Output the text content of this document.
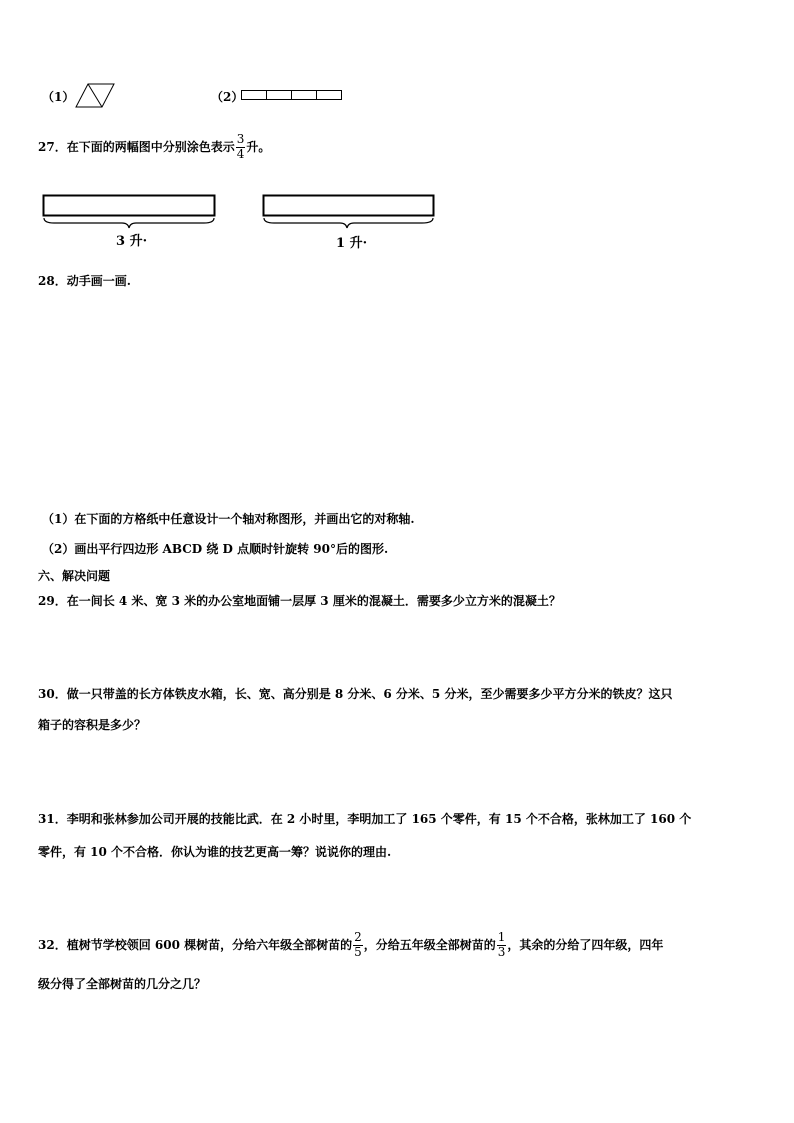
（1）	（2）
27．在下面的两幅图中分别涂色表示 $\frac{3}{4}$ 升。
3 升·	1 升·
28．动手画一画.
（1）在下面的方格纸中任意设计一个轴对称图形，并画出它的对称轴.
（2）画出平行四边形 ABCD 绕 D 点顺时针旋转 90°后的图形.
六、解决问题
29．在一间长 4 米、宽 3 米的办公室地面铺一层厚 3 厘米的混凝土．需要多少立方米的混凝土？
30．做一只带盖的长方体铁皮水箱，长、宽、高分别是 8 分米、6 分米、5 分米，至少需要多少平方分米的铁皮？这只
箱子的容积是多少？
31．李明和张林参加公司开展的技能比武．在 2 小时里，李明加工了 165 个零件，有 15 个不合格，张林加工了 160 个
零件，有 10 个不合格．你认为谁的技艺更高一筹？说说你的理由.
32．植树节学校领回 600 棵树苗，分给六年级全部树苗的 $\frac{2}{5}$ ，分给五年级全部树苗的 $\frac{1}{3}$ ，其余的分给了四年级，四年
级分得了全部树苗的几分之几？
